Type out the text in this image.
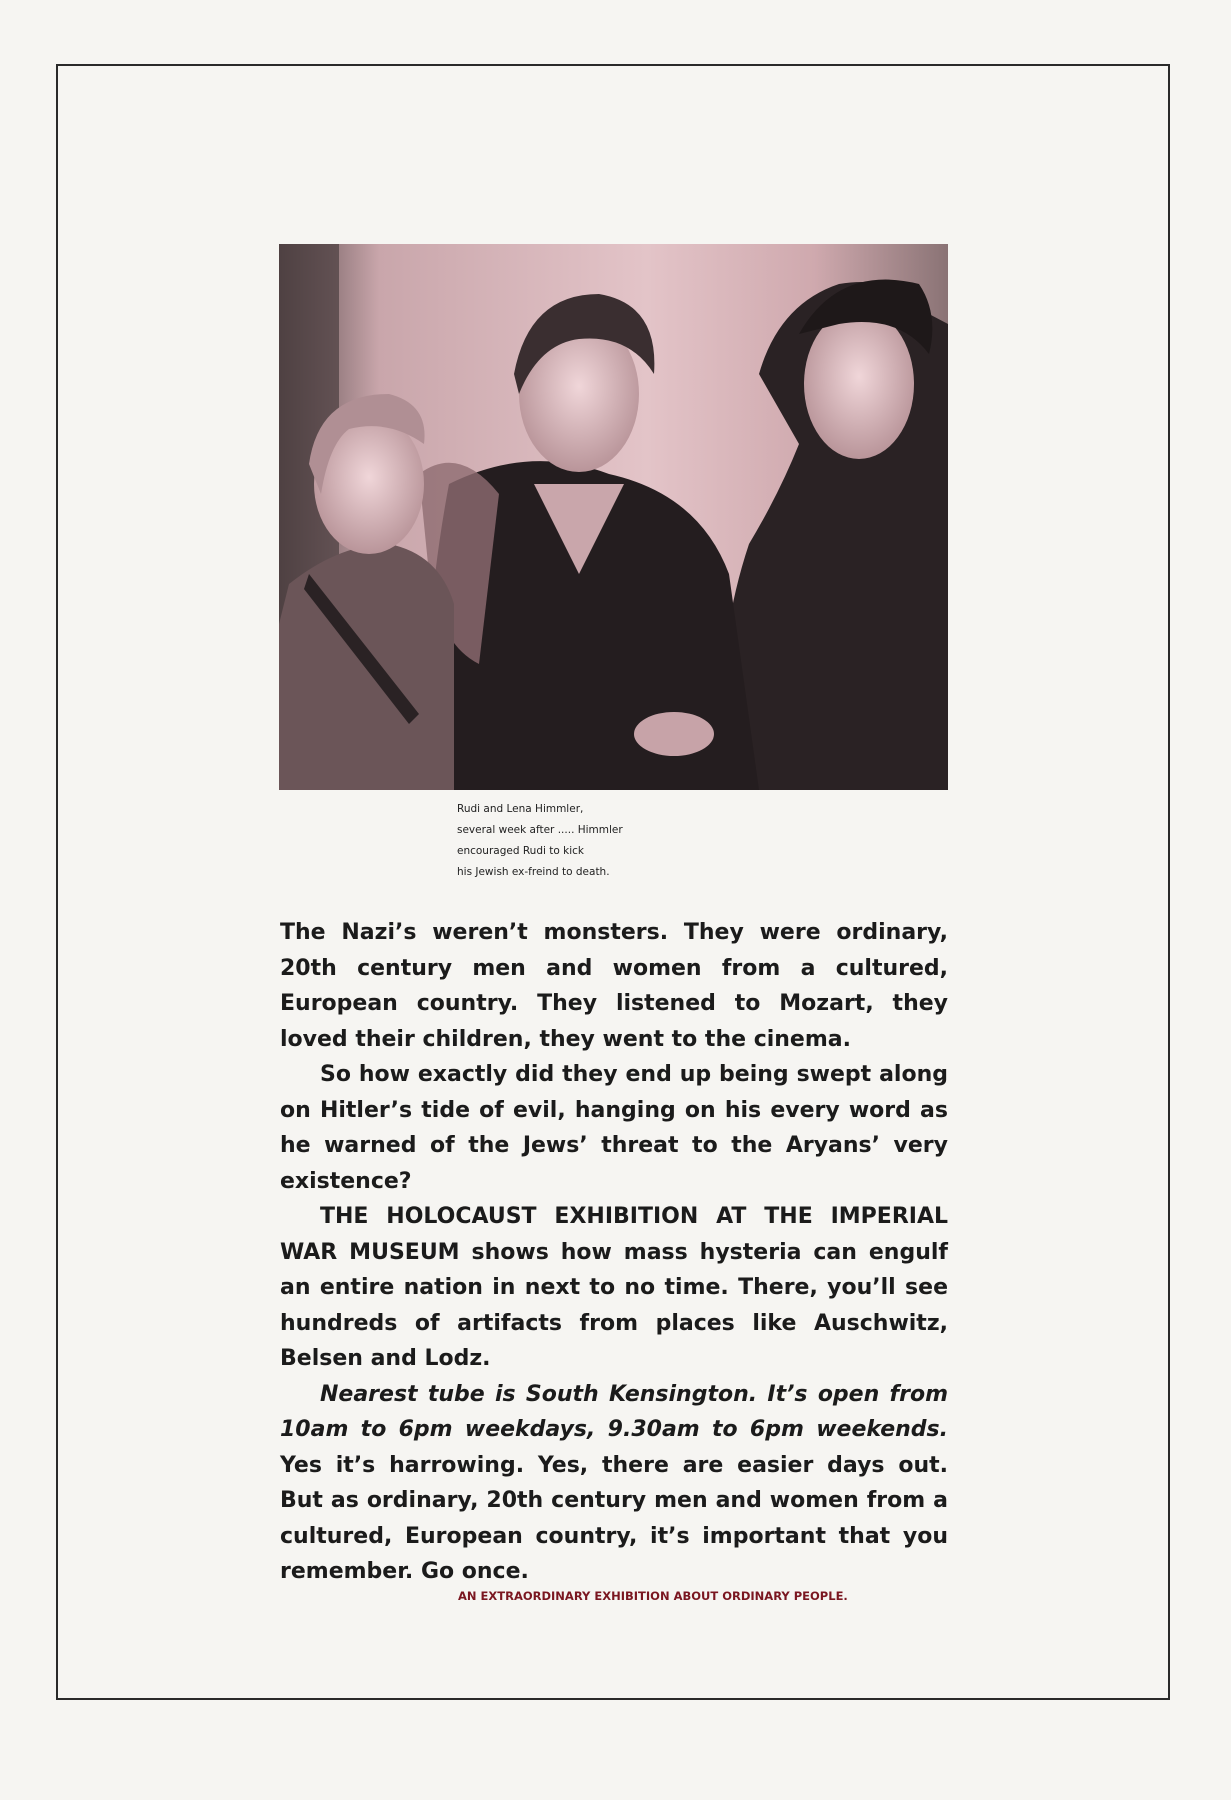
Rudi and Lena Himmler,
several week after ..... Himmler
encouraged Rudi to kick
his Jewish ex-freind to death.

The Nazi’s weren’t monsters. They were ordinary, 20th century men and women from a cultured, European country. They listened to Mozart, they loved their children, they went to the cinema.

So how exactly did they end up being swept along on Hitler’s tide of evil, hanging on his every word as he warned of the Jews’ threat to the Aryans’ very existence?

THE HOLOCAUST EXHIBITION AT THE IMPERIAL WAR MUSEUM shows how mass hysteria can engulf an entire nation in next to no time. There, you’ll see hundreds of artifacts from places like Auschwitz, Belsen and Lodz.

Nearest tube is South Kensington. It’s open from 10am to 6pm weekdays, 9.30am to 6pm weekends. Yes it’s harrowing. Yes, there are easier days out. But as ordinary, 20th century men and women from a cultured, European country, it’s important that you remember. Go once.

AN EXTRAORDINARY EXHIBITION ABOUT ORDINARY PEOPLE.
